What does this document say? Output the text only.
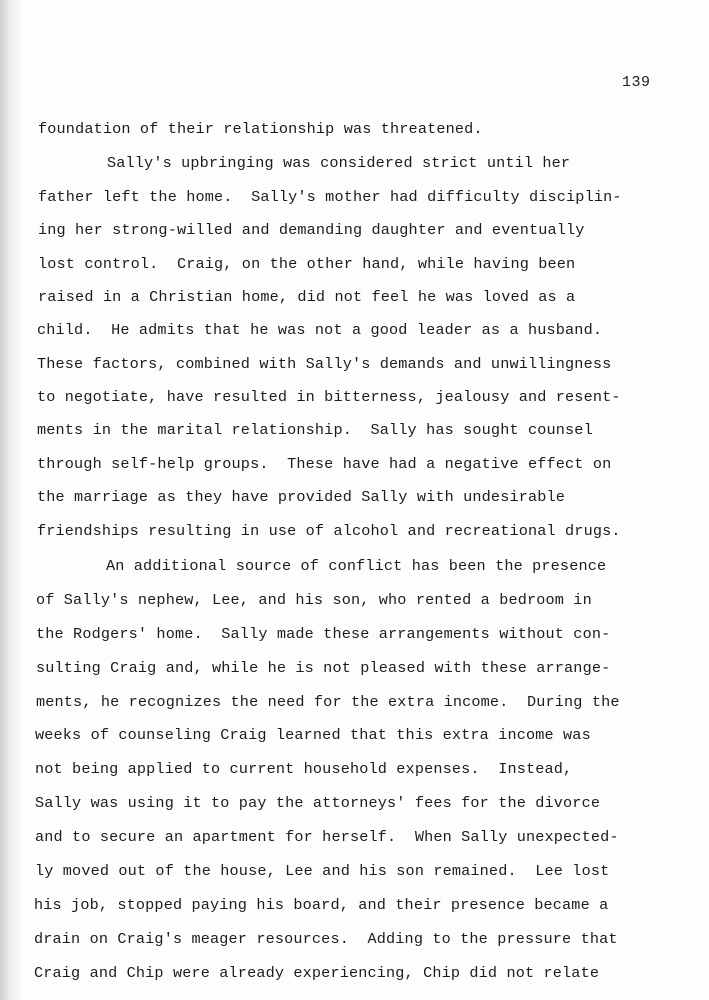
139
foundation of their relationship was threatened.
Sally's upbringing was considered strict until her
father left the home.  Sally's mother had difficulty disciplin-
ing her strong-willed and demanding daughter and eventually
lost control.  Craig, on the other hand, while having been
raised in a Christian home, did not feel he was loved as a
child.  He admits that he was not a good leader as a husband.
These factors, combined with Sally's demands and unwillingness
to negotiate, have resulted in bitterness, jealousy and resent-
ments in the marital relationship.  Sally has sought counsel
through self-help groups.  These have had a negative effect on
the marriage as they have provided Sally with undesirable
friendships resulting in use of alcohol and recreational drugs.
An additional source of conflict has been the presence
of Sally's nephew, Lee, and his son, who rented a bedroom in
the Rodgers' home.  Sally made these arrangements without con-
sulting Craig and, while he is not pleased with these arrange-
ments, he recognizes the need for the extra income.  During the
weeks of counseling Craig learned that this extra income was
not being applied to current household expenses.  Instead,
Sally was using it to pay the attorneys' fees for the divorce
and to secure an apartment for herself.  When Sally unexpected-
ly moved out of the house, Lee and his son remained.  Lee lost
his job, stopped paying his board, and their presence became a
drain on Craig's meager resources.  Adding to the pressure that
Craig and Chip were already experiencing, Chip did not relate
